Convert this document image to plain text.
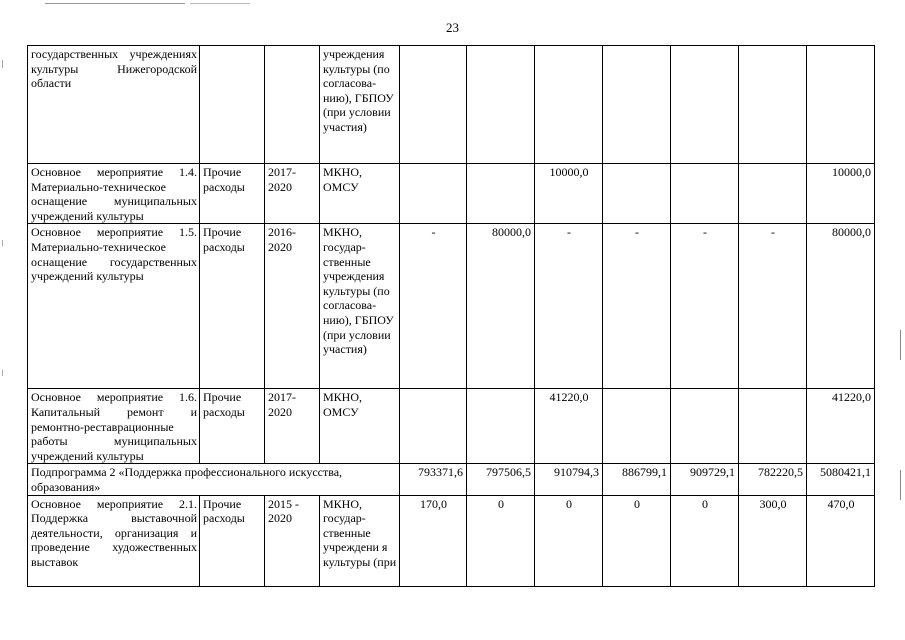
23
государственных учреждениях культуры Нижегородской области			учреждения культуры (по согласова-нию), ГБПОУ (при условии участия)							
Основное мероприятие 1.4. Материально-техническое оснащение муниципальных учреждений культуры	Прочие расходы	2017-2020	МКНО, ОМСУ			10000,0				10000,0
Основное мероприятие 1.5. Материально-техническое оснащение государственных учреждений культуры	Прочие расходы	2016-2020	МКНО, государ-ственные учреждения культуры (по согласова-нию), ГБПОУ (при условии участия)	-	80000,0	-	-	-	-	80000,0
Основное мероприятие 1.6. Капитальный ремонт и ремонтно-реставрационные работы муниципальных учреждений культуры	Прочие расходы	2017-2020	МКНО, ОМСУ			41220,0				41220,0
Подпрограмма 2 «Поддержка профессионального искусства, образования»				793371,6	797506,5	910794,3	886799,1	909729,1	782220,5	5080421,1
Основное мероприятие 2.1. Поддержка выставочной деятельности, организация и проведение художественных выставок	Прочие расходы	2015 - 2020	МКНО, государ-ственные учреждени я культуры (при	170,0	0	0	0	0	300,0	470,0
